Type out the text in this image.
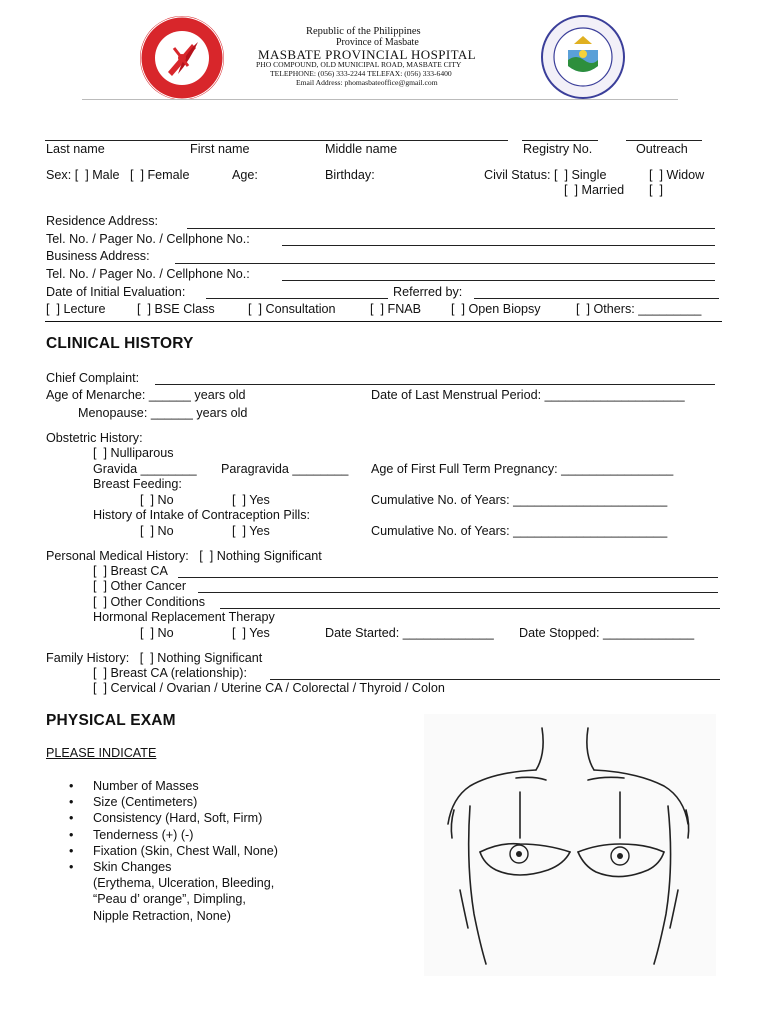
Republic of the Philippines
Province of Masbate
MASBATE PROVINCIAL HOSPITAL
PHO COMPOUND, OLD MUNICIPAL ROAD, MASBATE CITY
TELEPHONE: (056) 333-2244 TELEFAX: (056) 333-6400
Email Address: phomasbateoffice@gmail.com
Last name	First name	Middle name	Registry No.	Outreach
Sex: [  ] Male   [  ] Female	Age:	Birthday:	Civil Status: [  ] Single	[  ] Widow
[  ] Married [  ]
Residence Address:
Tel. No. / Pager No. / Cellphone No.:
Business Address:
Tel. No. / Pager No. / Cellphone No.:
Date of Initial Evaluation:	Referred by:
[  ] Lecture [  ] BSE Class	[  ] Consultation	[  ] FNAB [  ] Open Biopsy	[  ] Others: _________
CLINICAL HISTORY
Chief Complaint:
Age of Menarche: ______ years old	Date of Last Menstrual Period: ____________________
Menopause: ______ years old
Obstetric History:
[  ] Nulliparous
Gravida ________ Paragravida ________ Age of First Full Term Pregnancy: ________________
Breast Feeding:
[  ] No	[  ] Yes	Cumulative No. of Years: ______________________
History of Intake of Contraception Pills:
[  ] No	[  ] Yes	Cumulative No. of Years: ______________________
Personal Medical History:   [  ] Nothing Significant
[  ] Breast CA
[  ] Other Cancer
[  ] Other Conditions
Hormonal Replacement Therapy
[  ] No	[  ] Yes	Date Started: _____________ Date Stopped: _____________
Family History:   [  ] Nothing Significant
[  ] Breast CA (relationship):
[  ] Cervical / Ovarian / Uterine CA / Colorectal / Thyroid / Colon
PHYSICAL EXAM
PLEASE INDICATE
• Number of Masses
• Size (Centimeters)
• Consistency (Hard, Soft, Firm)
• Tenderness (+) (-)
• Fixation (Skin, Chest Wall, None)
• Skin Changes
(Erythema, Ulceration, Bleeding,
“Peau d’ orange”, Dimpling,
Nipple Retraction, None)
